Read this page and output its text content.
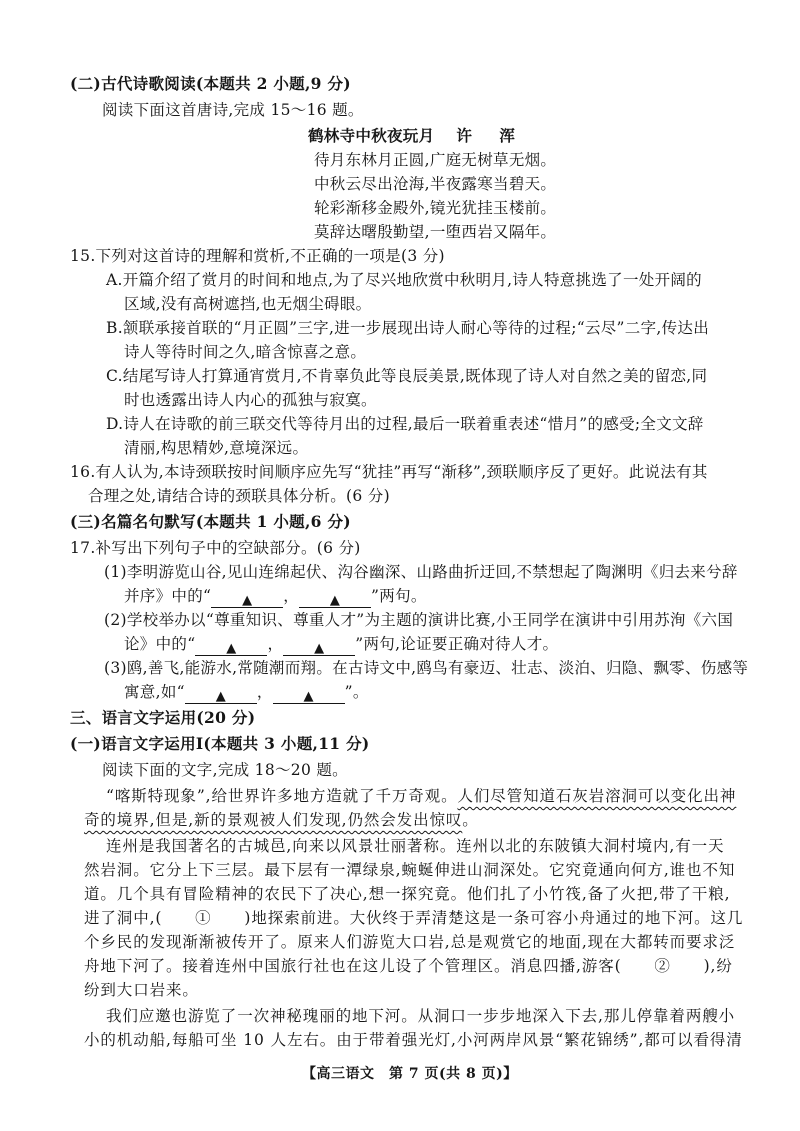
(二)古代诗歌阅读(本题共 2 小题,9 分)
阅读下面这首唐诗,完成 15～16 题。
鹤林寺中秋夜玩月 许　浑
待月东林月正圆,广庭无树草无烟。
中秋云尽出沧海,半夜露寒当碧天。
轮彩渐移金殿外,镜光犹挂玉楼前。
莫辞达曙殷勤望,一堕西岩又隔年。
15.下列对这首诗的理解和赏析,不正确的一项是(3 分)
A.开篇介绍了赏月的时间和地点,为了尽兴地欣赏中秋明月,诗人特意挑选了一处开阔的
区域,没有高树遮挡,也无烟尘碍眼。
B.颔联承接首联的“月正圆”三字,进一步展现出诗人耐心等待的过程;“云尽”二字,传达出
诗人等待时间之久,暗含惊喜之意。
C.结尾写诗人打算通宵赏月,不肯辜负此等良辰美景,既体现了诗人对自然之美的留恋,同
时也透露出诗人内心的孤独与寂寞。
D.诗人在诗歌的前三联交代等待月出的过程,最后一联着重表述“惜月”的感受;全文文辞
清丽,构思精妙,意境深远。
16.有人认为,本诗颈联按时间顺序应先写“犹挂”再写“渐移”,颈联顺序反了更好。此说法有其
合理之处,请结合诗的颈联具体分析。(6 分)
(三)名篇名句默写(本题共 1 小题,6 分)
17.补写出下列句子中的空缺部分。(6 分)
(1)李明游览山谷,见山连绵起伏、沟谷幽深、山路曲折迂回,不禁想起了陶渊明《归去来兮辞
并序》中的“ ▲ ， ▲ ”两句。
(2)学校举办以“尊重知识、尊重人才”为主题的演讲比赛,小王同学在演讲中引用苏洵《六国
论》中的“ ▲ ， ▲ ”两句,论证要正确对待人才。
(3)鸥,善飞,能游水,常随潮而翔。在古诗文中,鸥鸟有豪迈、壮志、淡泊、归隐、飘零、伤感等
寓意,如“ ▲ ， ▲ ”。
三、语言文字运用(20 分)
(一)语言文字运用Ⅰ(本题共 3 小题,11 分)
阅读下面的文字,完成 18～20 题。
“喀斯特现象”,给世界许多地方造就了千万奇观。人们尽管知道石灰岩溶洞可以变化出神
奇的境界,但是,新的景观被人们发现,仍然会发出惊叹。
连州是我国著名的古城邑,向来以风景壮丽著称。连州以北的东陂镇大洞村境内,有一天
然岩洞。它分上下三层。最下层有一潭绿泉,蜿蜒伸进山洞深处。它究竟通向何方,谁也不知
道。几个具有冒险精神的农民下了决心,想一探究竟。他们扎了小竹筏,备了火把,带了干粮,
进了洞中,(　　①　　)地探索前进。大伙终于弄清楚这是一条可容小舟通过的地下河。这几
个乡民的发现渐渐被传开了。原来人们游览大口岩,总是观赏它的地面,现在大都转而要求泛
舟地下河了。接着连州中国旅行社也在这儿设了个管理区。消息四播,游客(　　②　　),纷
纷到大口岩来。
我们应邀也游览了一次神秘瑰丽的地下河。从洞口一步步地深入下去,那儿停靠着两艘小
小的机动船,每船可坐 10 人左右。由于带着强光灯,小河两岸风景“繁花锦绣”,都可以看得清
【高三语文　第 7 页(共 8 页)】
